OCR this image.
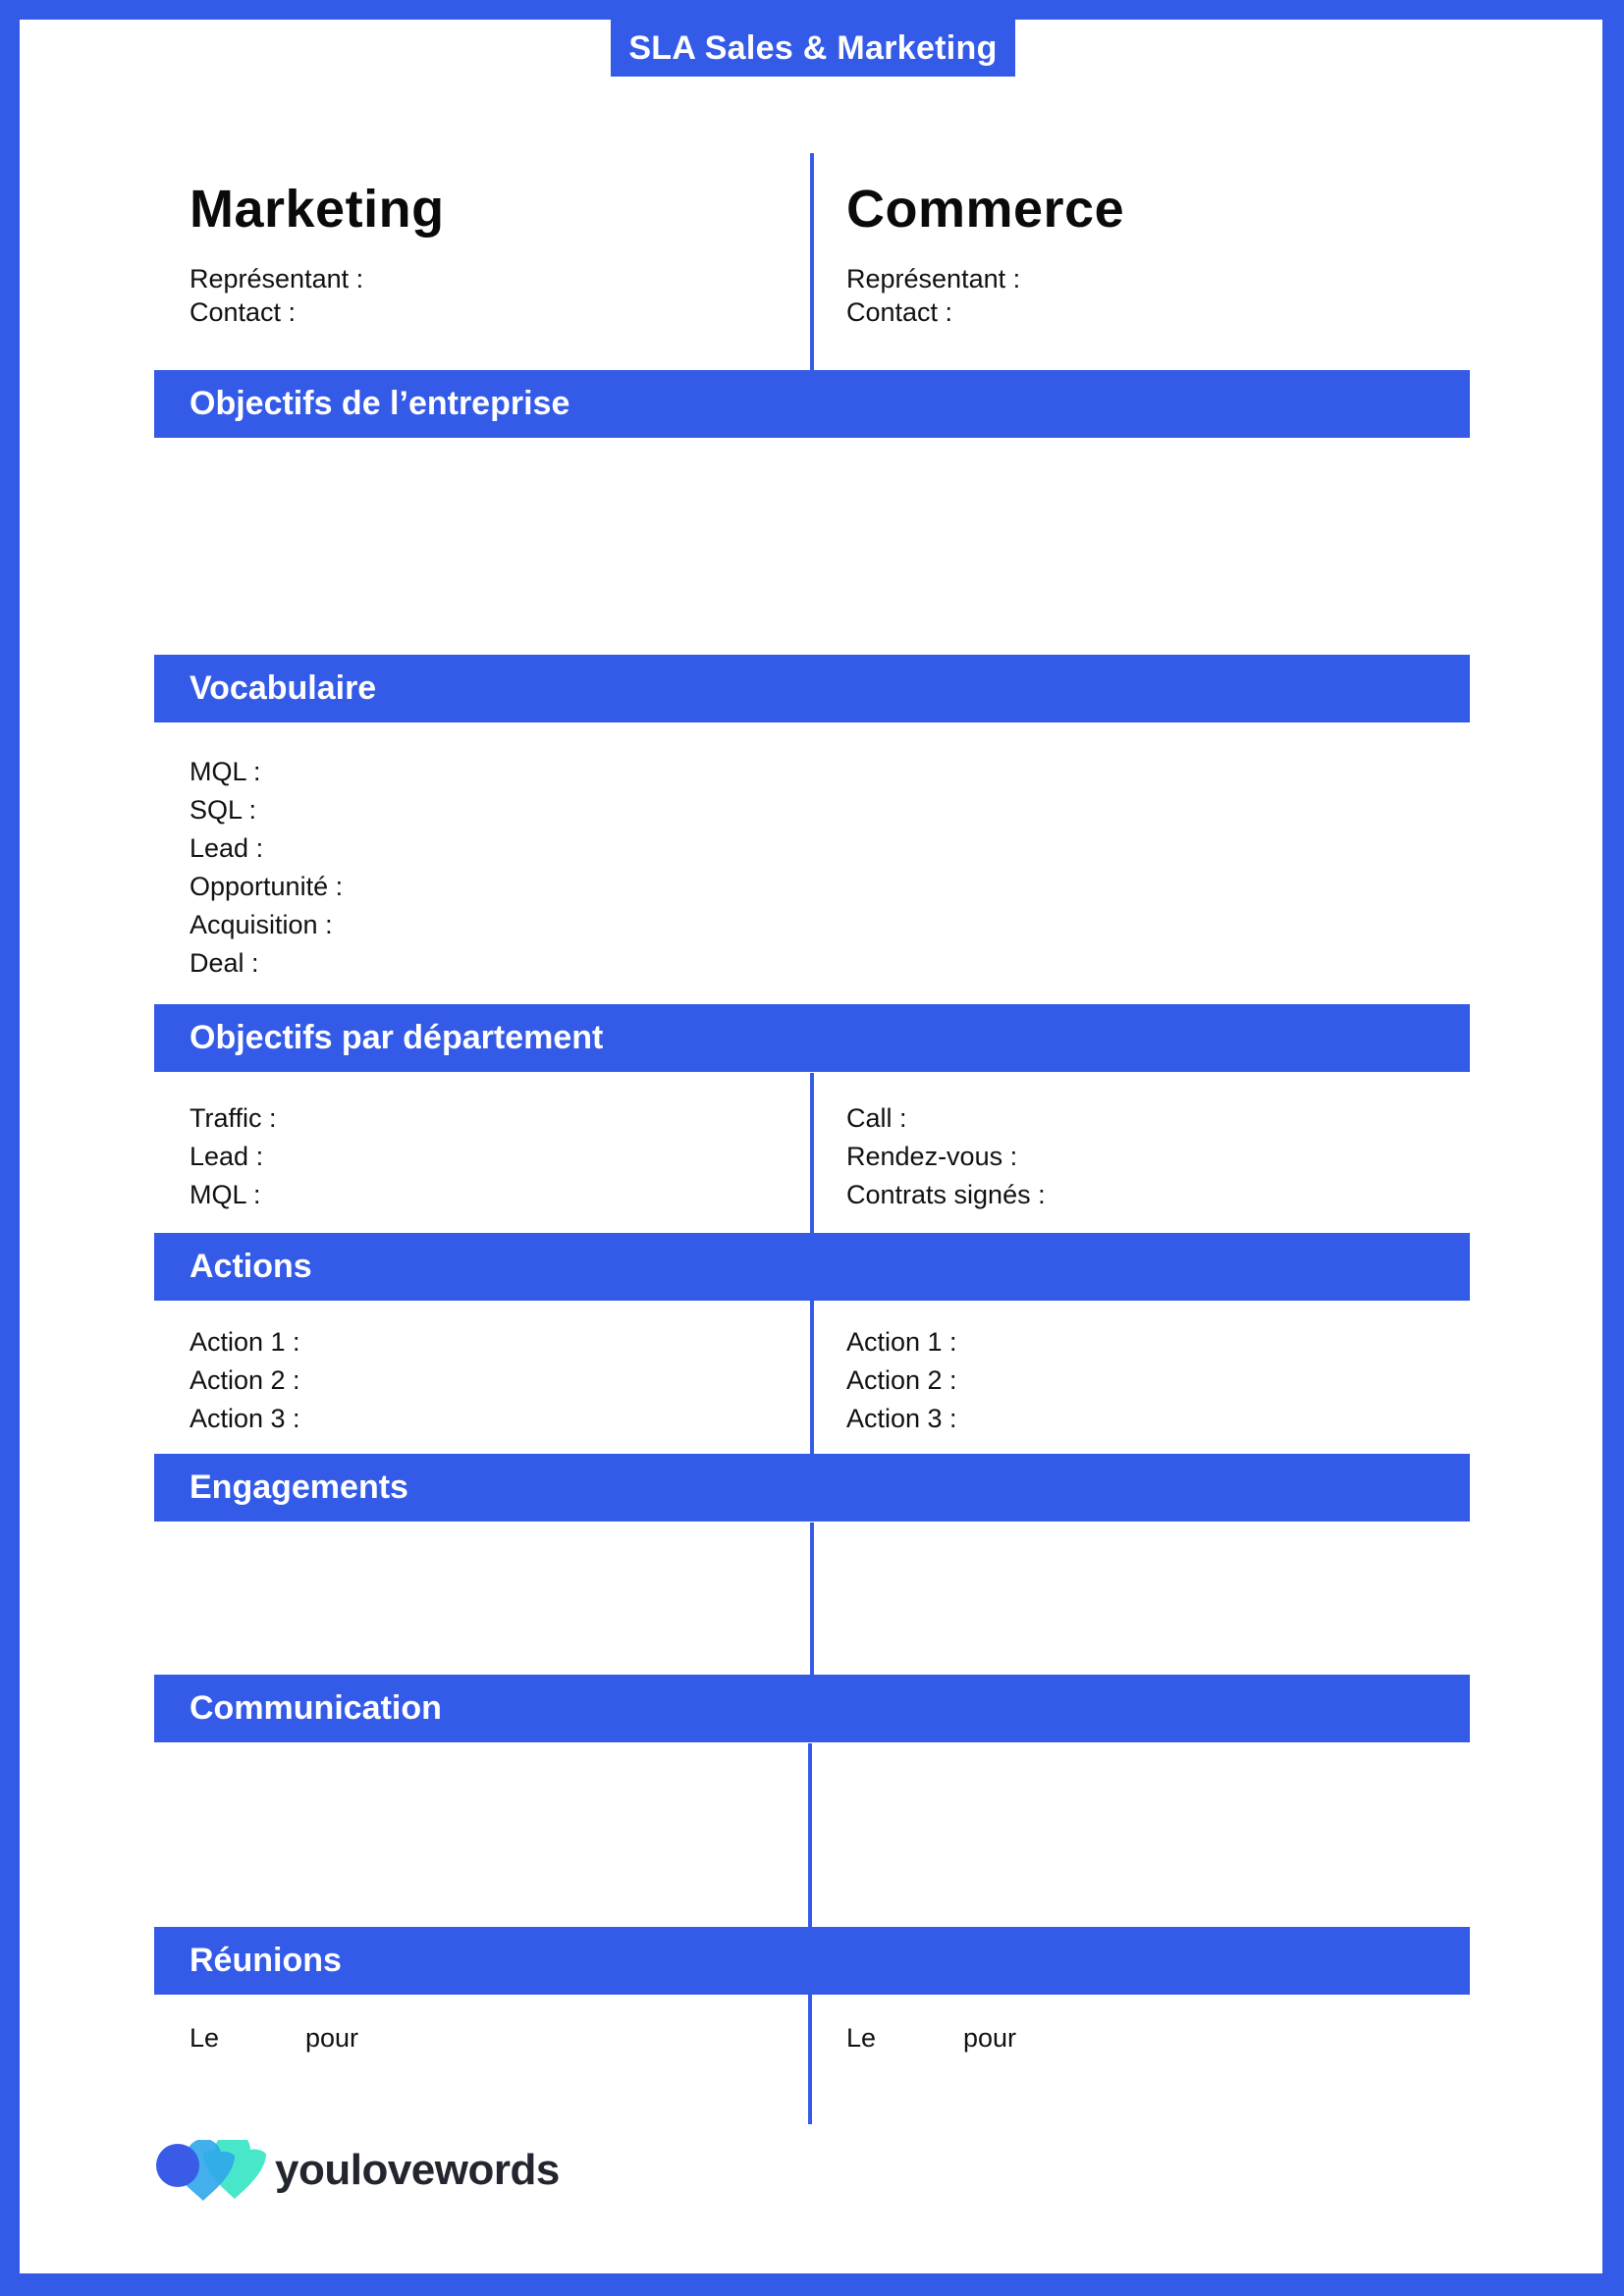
SLA Sales & Marketing
Marketing
Représentant :
Contact :
Commerce
Représentant :
Contact :
Objectifs de l’entreprise
Vocabulaire
Objectifs par département
Actions
Engagements
Communication
Réunions
MQL :
SQL :
Lead :
Opportunité :
Acquisition :
Deal :
Traffic :
Lead :
MQL :
Call :
Rendez-vous :
Contrats signés :
Action 1 :
Action 2 :
Action 3 :
Action 1 :
Action 2 :
Action 3 :
Le	pour	Le	pour
youlovewords
